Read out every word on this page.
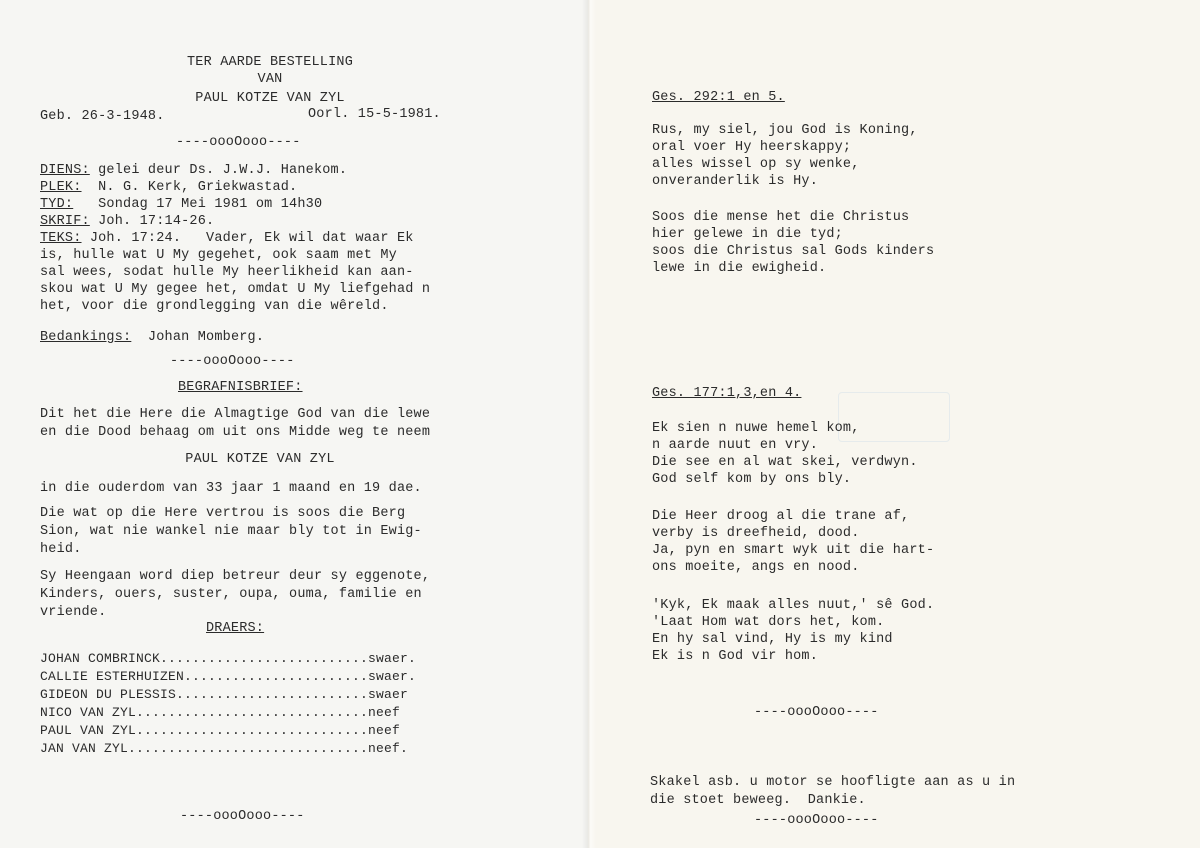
TER AARDE BESTELLING
VAN
PAUL KOTZE VAN ZYL
Geb. 26-3-1948.	Oorl. 15-5-1981.
----oooOooo----
DIENS: gelei deur Ds. J.W.J. Hanekom.
PLEK:  N. G. Kerk, Griekwastad.
TYD:   Sondag 17 Mei 1981 om 14h30
SKRIF: Joh. 17:14-26.
TEKS: Joh. 17:24.   Vader, Ek wil dat waar Ek
is, hulle wat U My gegehet, ook saam met My
sal wees, sodat hulle My heerlikheid kan aan-
skou wat U My gegee het, omdat U My liefgehad n
het, voor die grondlegging van die wêreld.
Bedankings:  Johan Momberg.
----oooOooo----
BEGRAFNISBRIEF:
Dit het die Here die Almagtige God van die lewe
en die Dood behaag om uit ons Midde weg te neem
PAUL KOTZE VAN ZYL
in die ouderdom van 33 jaar 1 maand en 19 dae.
Die wat op die Here vertrou is soos die Berg
Sion, wat nie wankel nie maar bly tot in Ewig-
heid.
Sy Heengaan word diep betreur deur sy eggenote,
Kinders, ouers, suster, oupa, ouma, familie en
vriende.
DRAERS:
JOHAN COMBRINCK..........................swaer.
CALLIE ESTERHUIZEN.......................swaer.
GIDEON DU PLESSIS........................swaer
NICO VAN ZYL.............................neef
PAUL VAN ZYL.............................neef
JAN VAN ZYL..............................neef.
----oooOooo----
Ges. 292:1 en 5.
Rus, my siel, jou God is Koning,
oral voer Hy heerskappy;
alles wissel op sy wenke,
onveranderlik is Hy.
Soos die mense het die Christus
hier gelewe in die tyd;
soos die Christus sal Gods kinders
lewe in die ewigheid.
Ges. 177:1,3,en 4.
Ek sien n nuwe hemel kom,
n aarde nuut en vry.
Die see en al wat skei, verdwyn.
God self kom by ons bly.
Die Heer droog al die trane af,
verby is dreefheid, dood.
Ja, pyn en smart wyk uit die hart-
ons moeite, angs en nood.
'Kyk, Ek maak alles nuut,' sê God.
'Laat Hom wat dors het, kom.
En hy sal vind, Hy is my kind
Ek is n God vir hom.
----oooOooo----
Skakel asb. u motor se hoofligte aan as u in
die stoet beweeg.  Dankie.
----oooOooo----
